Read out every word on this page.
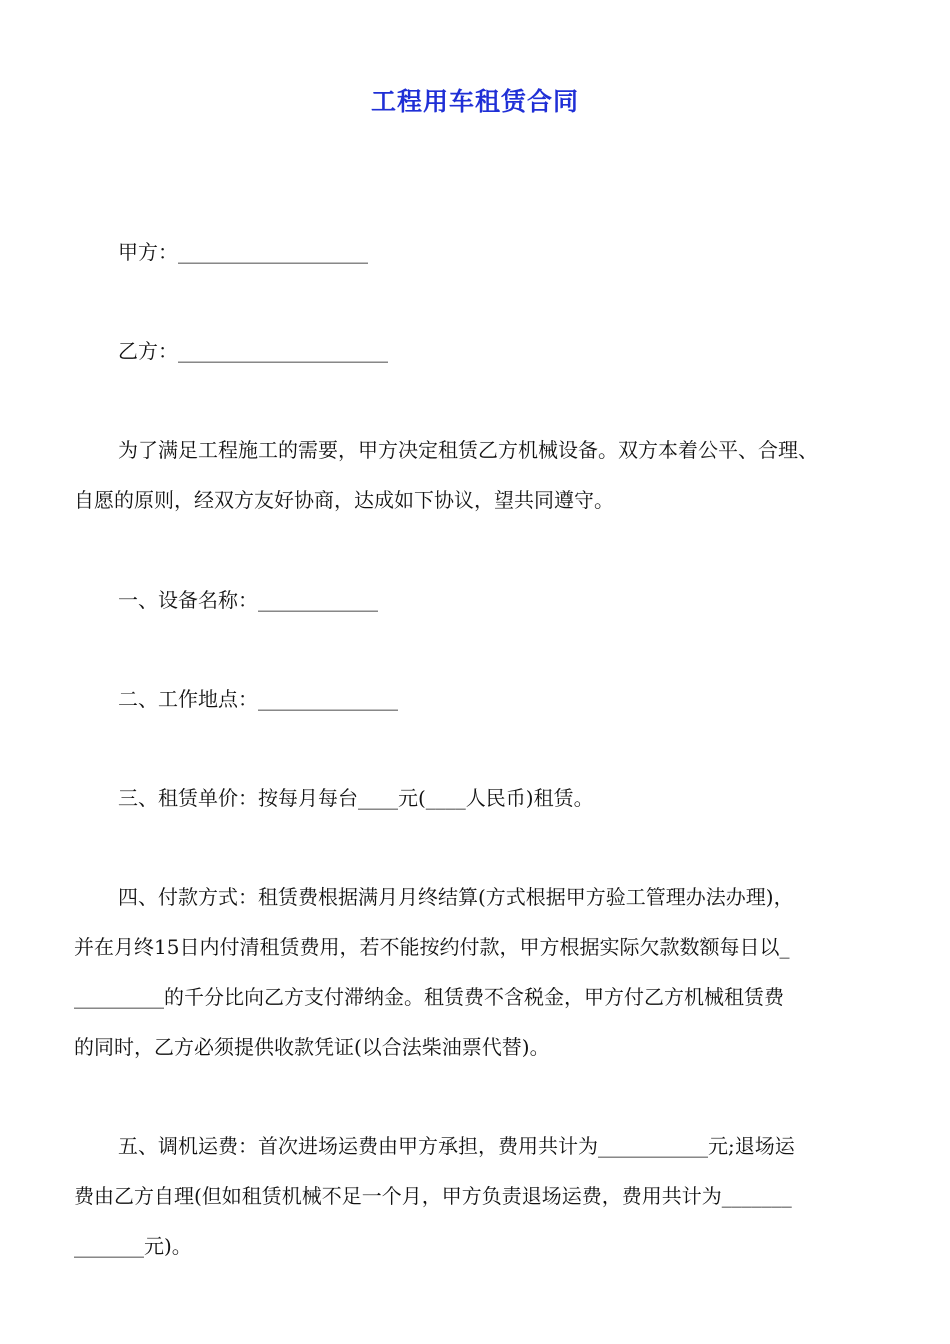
工程用车租赁合同
甲方：___________________
乙方：_____________________
为了满足工程施工的需要，甲方决定租赁乙方机械设备。双方本着公平、合理、
自愿的原则，经双方友好协商，达成如下协议，望共同遵守。
一、设备名称：____________
二、工作地点：______________
三、租赁单价：按每月每台____元(____人民币)租赁。
四、付款方式：租赁费根据满月月终结算(方式根据甲方验工管理办法办理)，
并在月终15日内付清租赁费用，若不能按约付款，甲方根据实际欠款数额每日以_
_________的千分比向乙方支付滞纳金。租赁费不含税金，甲方付乙方机械租赁费
的同时，乙方必须提供收款凭证(以合法柴油票代替)。
五、调机运费：首次进场运费由甲方承担，费用共计为___________元;退场运
费由乙方自理(但如租赁机械不足一个月，甲方负责退场运费，费用共计为_______
_______元)。
